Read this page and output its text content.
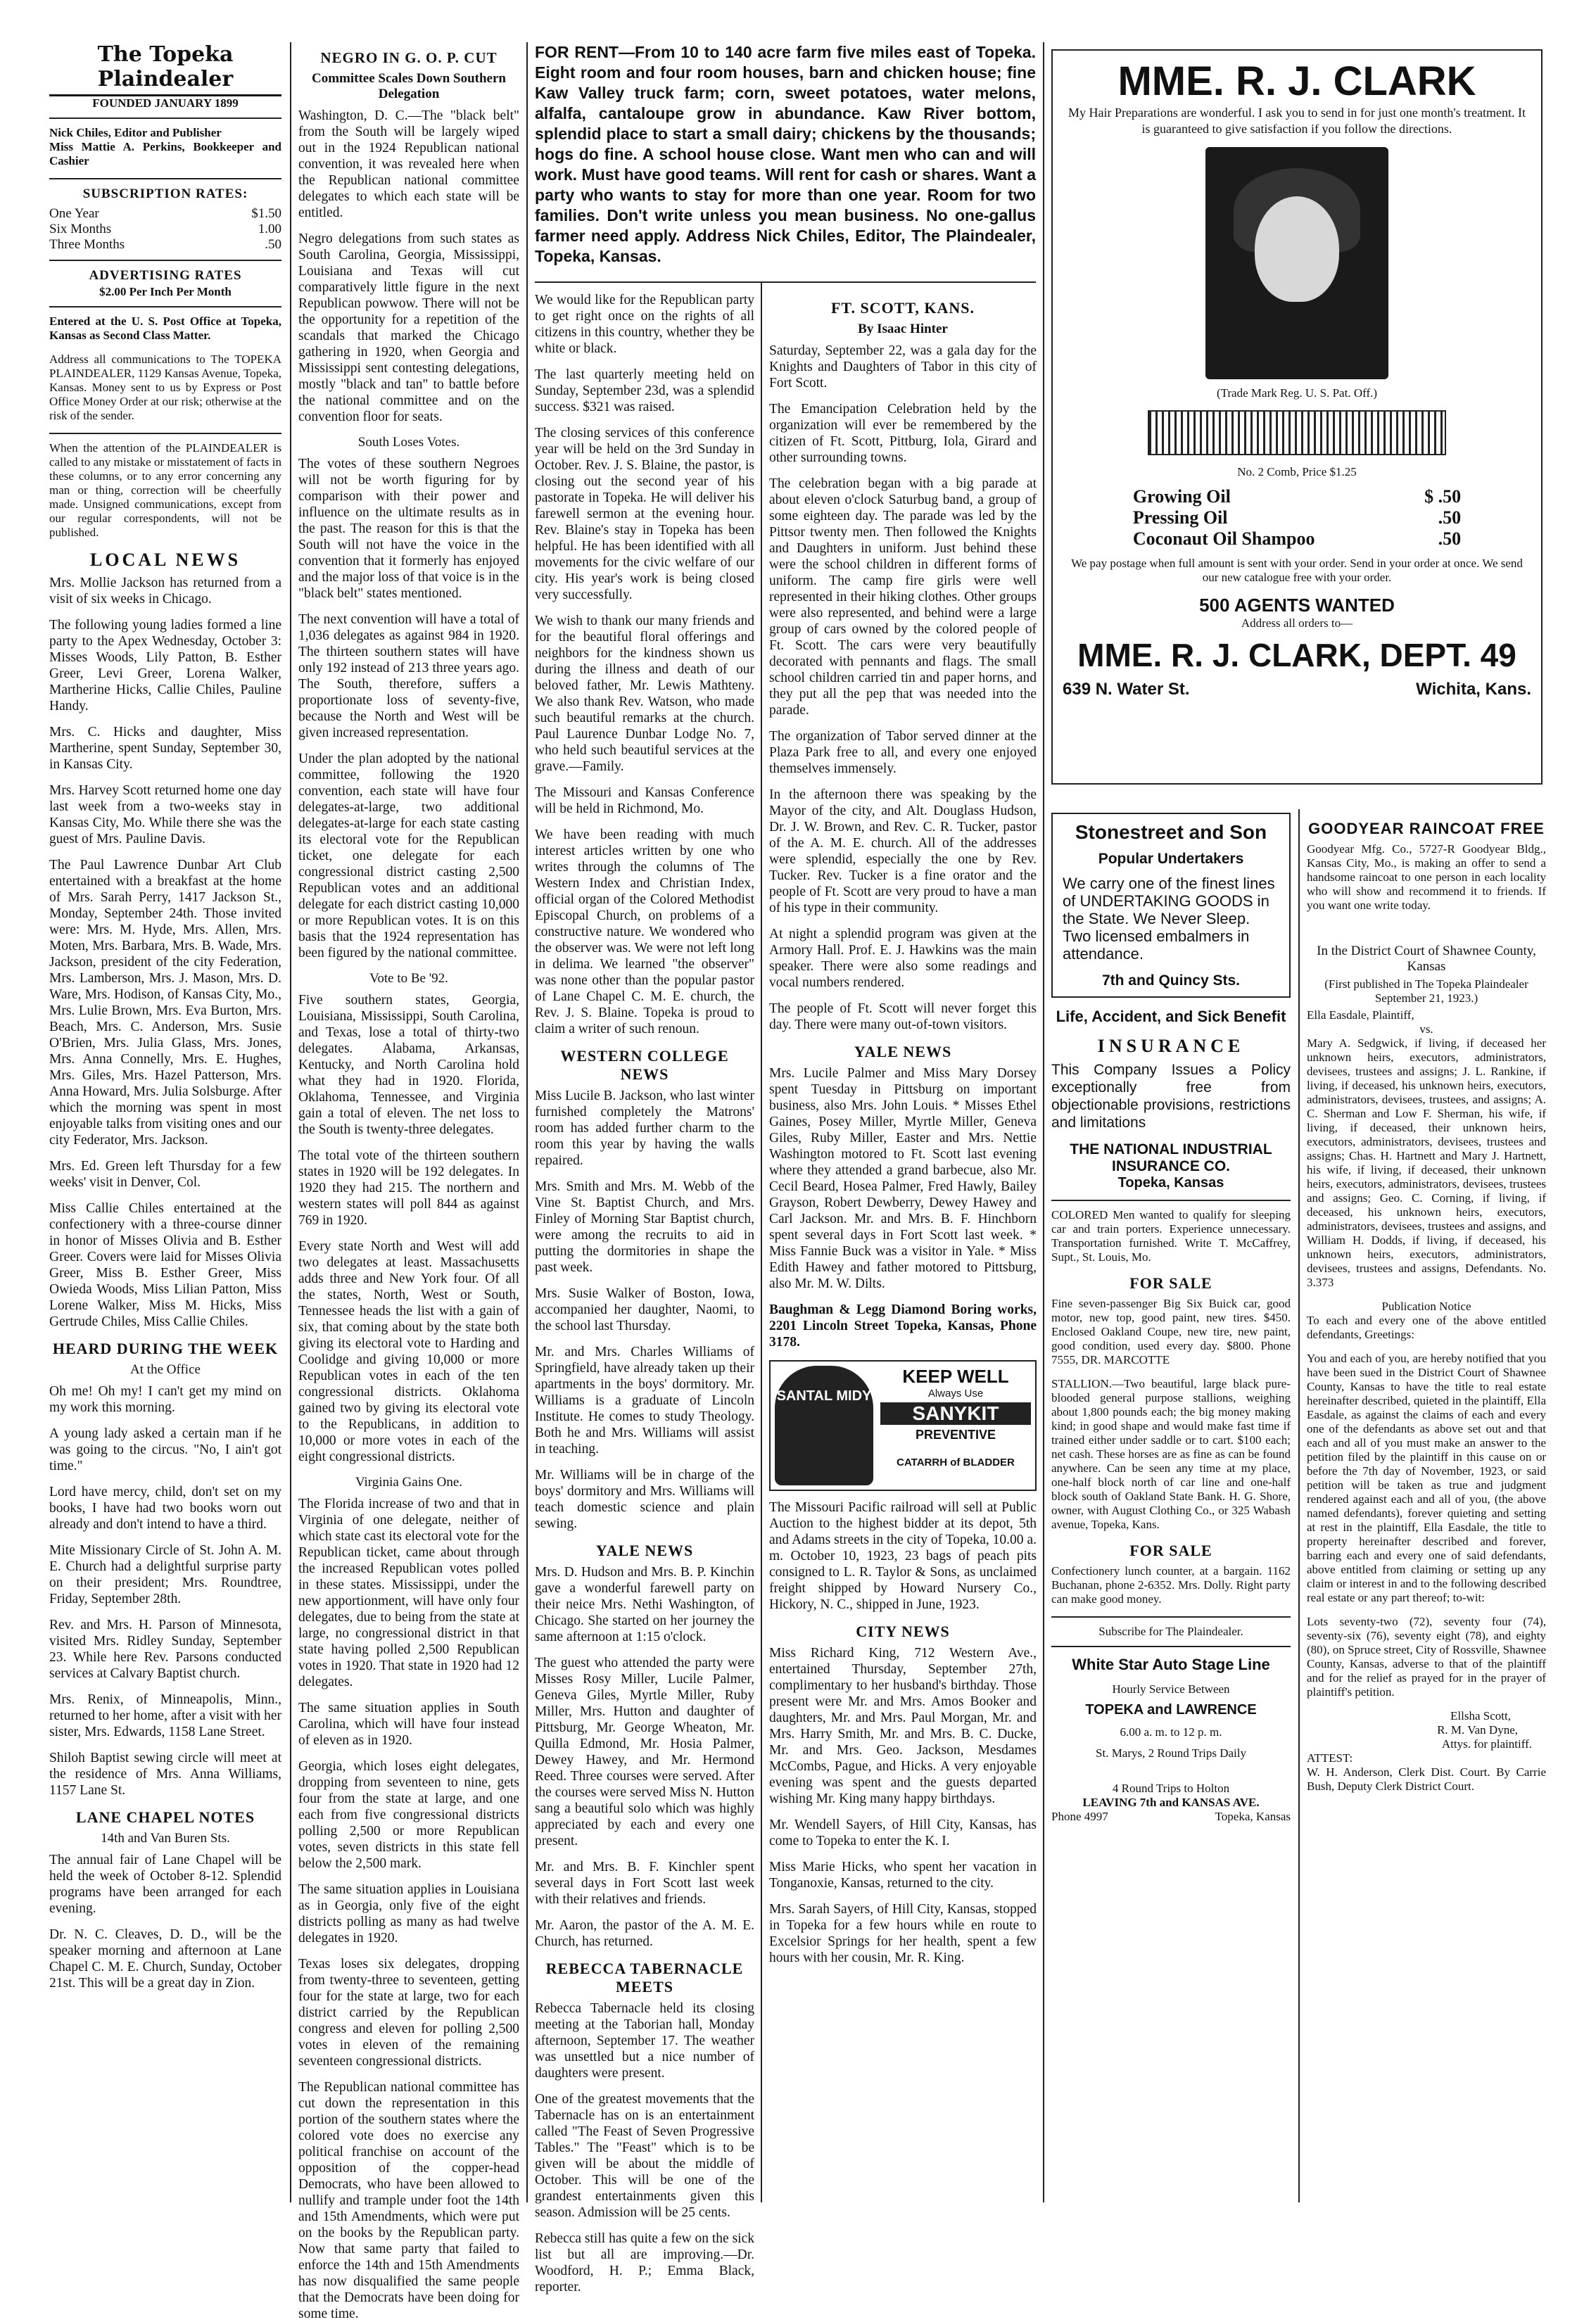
The Topeka Plaindealer
FOUNDED JANUARY 1899

Nick Chiles, Editor and Publisher

Miss Mattie A. Perkins, Bookkeeper and Cashier

SUBSCRIPTION RATES:
One Year	$1.50
Six Months	1.00
Three Months	.50
ADVERTISING RATES
$2.00 Per Inch Per Month

Entered at the U. S. Post Office at Topeka, Kansas as Second Class Matter.

Address all communications to The TOPEKA PLAINDEALER, 1129 Kansas Avenue, Topeka, Kansas. Money sent to us by Express or Post Office Money Order at our risk; otherwise at the risk of the sender.

When the attention of the PLAINDEALER is called to any mistake or misstatement of facts in these columns, or to any error concerning any man or thing, correction will be cheerfully made. Unsigned communications, except from our regular correspondents, will not be published.

LOCAL NEWS

Mrs. Mollie Jackson has returned from a visit of six weeks in Chicago.

The following young ladies formed a line party to the Apex Wednesday, October 3: Misses Woods, Lily Patton, B. Esther Greer, Levi Greer, Lorena Walker, Martherine Hicks, Callie Chiles, Pauline Handy.

Mrs. C. Hicks and daughter, Miss Martherine, spent Sunday, September 30, in Kansas City.

Mrs. Harvey Scott returned home one day last week from a two-weeks stay in Kansas City, Mo. While there she was the guest of Mrs. Pauline Davis.

The Paul Lawrence Dunbar Art Club entertained with a breakfast at the home of Mrs. Sarah Perry, 1417 Jackson St., Monday, September 24th. Those invited were: Mrs. M. Hyde, Mrs. Allen, Mrs. Moten, Mrs. Barbara, Mrs. B. Wade, Mrs. Jackson, president of the city Federation, Mrs. Lamberson, Mrs. J. Mason, Mrs. D. Ware, Mrs. Hodison, of Kansas City, Mo., Mrs. Lulie Brown, Mrs. Eva Burton, Mrs. Beach, Mrs. C. Anderson, Mrs. Susie O'Brien, Mrs. Julia Glass, Mrs. Jones, Mrs. Anna Connelly, Mrs. E. Hughes, Mrs. Giles, Mrs. Hazel Patterson, Mrs. Anna Howard, Mrs. Julia Solsburge. After which the morning was spent in most enjoyable talks from visiting ones and our city Federator, Mrs. Jackson.

Mrs. Ed. Green left Thursday for a few weeks' visit in Denver, Col.

Miss Callie Chiles entertained at the confectionery with a three-course dinner in honor of Misses Olivia and B. Esther Greer. Covers were laid for Misses Olivia Greer, Miss B. Esther Greer, Miss Owieda Woods, Miss Lilian Patton, Miss Lorene Walker, Miss M. Hicks, Miss Gertrude Chiles, Miss Callie Chiles.

HEARD DURING THE WEEK
At the Office

Oh me! Oh my! I can't get my mind on my work this morning.

A young lady asked a certain man if he was going to the circus. "No, I ain't got time."

Lord have mercy, child, don't set on my books, I have had two books worn out already and don't intend to have a third.

Mite Missionary Circle of St. John A. M. E. Church had a delightful surprise party on their president; Mrs. Roundtree, Friday, September 28th.

Rev. and Mrs. H. Parson of Minnesota, visited Mrs. Ridley Sunday, September 23. While here Rev. Parsons conducted services at Calvary Baptist church.

Mrs. Renix, of Minneapolis, Minn., returned to her home, after a visit with her sister, Mrs. Edwards, 1158 Lane Street.

Shiloh Baptist sewing circle will meet at the residence of Mrs. Anna Williams, 1157 Lane St.

LANE CHAPEL NOTES
14th and Van Buren Sts.

The annual fair of Lane Chapel will be held the week of October 8-12. Splendid programs have been arranged for each evening.

Dr. N. C. Cleaves, D. D., will be the speaker morning and afternoon at Lane Chapel C. M. E. Church, Sunday, October 21st. This will be a great day in Zion.

NEGRO IN G. O. P. CUT
Committee Scales Down Southern Delegation

Washington, D. C.—The "black belt" from the South will be largely wiped out in the 1924 Republican national convention, it was revealed here when the Republican national committee delegates to which each state will be entitled.

Negro delegations from such states as South Carolina, Georgia, Mississippi, Louisiana and Texas will cut comparatively little figure in the next Republican powwow. There will not be the opportunity for a repetition of the scandals that marked the Chicago gathering in 1920, when Georgia and Mississippi sent contesting delegations, mostly "black and tan" to battle before the national committee and on the convention floor for seats.

South Loses Votes.

The votes of these southern Negroes will not be worth figuring for by comparison with their power and influence on the ultimate results as in the past. The reason for this is that the South will not have the voice in the convention that it formerly has enjoyed and the major loss of that voice is in the "black belt" states mentioned.

The next convention will have a total of 1,036 delegates as against 984 in 1920. The thirteen southern states will have only 192 instead of 213 three years ago. The South, therefore, suffers a proportionate loss of seventy-five, because the North and West will be given increased representation.

Under the plan adopted by the national committee, following the 1920 convention, each state will have four delegates-at-large, two additional delegates-at-large for each state casting its electoral vote for the Republican ticket, one delegate for each congressional district casting 2,500 Republican votes and an additional delegate for each district casting 10,000 or more Republican votes. It is on this basis that the 1924 representation has been figured by the national committee.

Vote to Be '92.

Five southern states, Georgia, Louisiana, Mississippi, South Carolina, and Texas, lose a total of thirty-two delegates. Alabama, Arkansas, Kentucky, and North Carolina hold what they had in 1920. Florida, Oklahoma, Tennessee, and Virginia gain a total of eleven. The net loss to the South is twenty-three delegates.

The total vote of the thirteen southern states in 1920 will be 192 delegates. In 1920 they had 215. The northern and western states will poll 844 as against 769 in 1920.

Every state North and West will add two delegates at least. Massachusetts adds three and New York four. Of all the states, North, West or South, Tennessee heads the list with a gain of six, that coming about by the state both giving its electoral vote to Harding and Coolidge and giving 10,000 or more Republican votes in each of the ten congressional districts. Oklahoma gained two by giving its electoral vote to the Republicans, in addition to 10,000 or more votes in each of the eight congressional districts.

Virginia Gains One.

The Florida increase of two and that in Virginia of one delegate, neither of which state cast its electoral vote for the Republican ticket, came about through the increased Republican votes polled in these states. Mississippi, under the new apportionment, will have only four delegates, due to being from the state at large, no congressional district in that state having polled 2,500 Republican votes in 1920. That state in 1920 had 12 delegates.

The same situation applies in South Carolina, which will have four instead of eleven as in 1920.

Georgia, which loses eight delegates, dropping from seventeen to nine, gets four from the state at large, and one each from five congressional districts polling 2,500 or more Republican votes, seven districts in this state fell below the 2,500 mark.

The same situation applies in Louisiana as in Georgia, only five of the eight districts polling as many as had twelve delegates in 1920.

Texas loses six delegates, dropping from twenty-three to seventeen, getting four for the state at large, two for each district carried by the Republican congress and eleven for polling 2,500 votes in eleven of the remaining seventeen congressional districts.

The Republican national committee has cut down the representation in this portion of the southern states where the colored vote does no exercise any political franchise on account of the opposition of the copper-head Democrats, who have been allowed to nullify and trample under foot the 14th and 15th Amendments, which were put on the books by the Republican party. Now that same party that failed to enforce the 14th and 15th Amendments has now disqualified the same people that the Democrats have been doing for some time.

FOR RENT—From 10 to 140 acre farm five miles east of Topeka. Eight room and four room houses, barn and chicken house; fine Kaw Valley truck farm; corn, sweet potatoes, water melons, alfalfa, cantaloupe grow in abundance. Kaw River bottom, splendid place to start a small dairy; chickens by the thousands; hogs do fine. A school house close. Want men who can and will work. Must have good teams. Will rent for cash or shares. Want a party who wants to stay for more than one year. Room for two families. Don't write unless you mean business. No one-gallus farmer need apply. Address Nick Chiles, Editor, The Plaindealer, Topeka, Kansas.

We would like for the Republican party to get right once on the rights of all citizens in this country, whether they be white or black.

The last quarterly meeting held on Sunday, September 23d, was a splendid success. $321 was raised.

The closing services of this conference year will be held on the 3rd Sunday in October. Rev. J. S. Blaine, the pastor, is closing out the second year of his pastorate in Topeka. He will deliver his farewell sermon at the evening hour. Rev. Blaine's stay in Topeka has been helpful. He has been identified with all movements for the civic welfare of our city. His year's work is being closed very successfully.

We wish to thank our many friends and for the beautiful floral offerings and neighbors for the kindness shown us during the illness and death of our beloved father, Mr. Lewis Mathteny. We also thank Rev. Watson, who made such beautiful remarks at the church. Paul Laurence Dunbar Lodge No. 7, who held such beautiful services at the grave.—Family.

The Missouri and Kansas Conference will be held in Richmond, Mo.

We have been reading with much interest articles written by one who writes through the columns of The Western Index and Christian Index, official organ of the Colored Methodist Episcopal Church, on problems of a constructive nature. We wondered who the observer was. We were not left long in delima. We learned "the observer" was none other than the popular pastor of Lane Chapel C. M. E. church, the Rev. J. S. Blaine. Topeka is proud to claim a writer of such renoun.

WESTERN COLLEGE NEWS

Miss Lucile B. Jackson, who last winter furnished completely the Matrons' room has added further charm to the room this year by having the walls repaired.

Mrs. Smith and Mrs. M. Webb of the Vine St. Baptist Church, and Mrs. Finley of Morning Star Baptist church, were among the recruits to aid in putting the dormitories in shape the past week.

Mrs. Susie Walker of Boston, Iowa, accompanied her daughter, Naomi, to the school last Thursday.

Mr. and Mrs. Charles Williams of Springfield, have already taken up their apartments in the boys' dormitory. Mr. Williams is a graduate of Lincoln Institute. He comes to study Theology. Both he and Mrs. Williams will assist in teaching.

Mr. Williams will be in charge of the boys' dormitory and Mrs. Williams will teach domestic science and plain sewing.

YALE NEWS

Mrs. D. Hudson and Mrs. B. P. Kinchin gave a wonderful farewell party on their neice Mrs. Nethi Washington, of Chicago. She started on her journey the same afternoon at 1:15 o'clock.

The guest who attended the party were Misses Rosy Miller, Lucile Palmer, Geneva Giles, Myrtle Miller, Ruby Miller, Mrs. Hutton and daughter of Pittsburg, Mr. George Wheaton, Mr. Quilla Edmond, Mr. Hosia Palmer, Dewey Hawey, and Mr. Hermond Reed. Three courses were served. After the courses were served Miss N. Hutton sang a beautiful solo which was highly appreciated by each and every one present.

Mr. and Mrs. B. F. Kinchler spent several days in Fort Scott last week with their relatives and friends.

Mr. Aaron, the pastor of the A. M. E. Church, has returned.

REBECCA TABERNACLE MEETS

Rebecca Tabernacle held its closing meeting at the Taborian hall, Monday afternoon, September 17. The weather was unsettled but a nice number of daughters were present.

One of the greatest movements that the Tabernacle has on is an entertainment called "The Feast of Seven Progressive Tables." The "Feast" which is to be given will be about the middle of October. This will be one of the grandest entertainments given this season. Admission will be 25 cents.

Rebecca still has quite a few on the sick list but all are improving.—Dr. Woodford, H. P.; Emma Black, reporter.

FT. SCOTT, KANS.
By Isaac Hinter

Saturday, September 22, was a gala day for the Knights and Daughters of Tabor in this city of Fort Scott.

The Emancipation Celebration held by the organization will ever be remembered by the citizen of Ft. Scott, Pittburg, Iola, Girard and other surrounding towns.

The celebration began with a big parade at about eleven o'clock Saturbug band, a group of some eighteen day. The parade was led by the Pittsor twenty men. Then followed the Knights and Daughters in uniform. Just behind these were the school children in different forms of uniform. The camp fire girls were well represented in their hiking clothes. Other groups were also represented, and behind were a large group of cars owned by the colored people of Ft. Scott. The cars were very beautifully decorated with pennants and flags. The small school children carried tin and paper horns, and they put all the pep that was needed into the parade.

The organization of Tabor served dinner at the Plaza Park free to all, and every one enjoyed themselves immensely.

In the afternoon there was speaking by the Mayor of the city, and Alt. Douglass Hudson, Dr. J. W. Brown, and Rev. C. R. Tucker, pastor of the A. M. E. church. All of the addresses were splendid, especially the one by Rev. Tucker. Rev. Tucker is a fine orator and the people of Ft. Scott are very proud to have a man of his type in their community.

At night a splendid program was given at the Armory Hall. Prof. E. J. Hawkins was the main speaker. There were also some readings and vocal numbers rendered.

The people of Ft. Scott will never forget this day. There were many out-of-town visitors.

YALE NEWS

Mrs. Lucile Palmer and Miss Mary Dorsey spent Tuesday in Pittsburg on important business, also Mrs. John Louis. * Misses Ethel Gaines, Posey Miller, Myrtle Miller, Geneva Giles, Ruby Miller, Easter and Mrs. Nettie Washington motored to Ft. Scott last evening where they attended a grand barbecue, also Mr. Cecil Beard, Hosea Palmer, Fred Hawly, Bailey Grayson, Robert Dewberry, Dewey Hawey and Carl Jackson. Mr. and Mrs. B. F. Hinchborn spent several days in Fort Scott last week. * Miss Fannie Buck was a visitor in Yale. * Miss Edith Hawey and father motored to Pittsburg, also Mr. M. W. Dilts.

Baughman & Legg Diamond Boring works, 2201 Lincoln Street Topeka, Kansas, Phone 3178.

SANTAL MIDY
KEEP WELL
Always Use
SANYKIT
PREVENTIVE
CATARRH of BLADDER

The Missouri Pacific railroad will sell at Public Auction to the highest bidder at its depot, 5th and Adams streets in the city of Topeka, 10.00 a. m. October 10, 1923, 23 bags of peach pits consigned to L. R. Taylor & Sons, as unclaimed freight shipped by Howard Nursery Co., Hickory, N. C., shipped in June, 1923.

CITY NEWS

Miss Richard King, 712 Western Ave., entertained Thursday, September 27th, complimentary to her husband's birthday. Those present were Mr. and Mrs. Amos Booker and daughters, Mr. and Mrs. Paul Morgan, Mr. and Mrs. Harry Smith, Mr. and Mrs. B. C. Ducke, Mr. and Mrs. Geo. Jackson, Mesdames McCombs, Pague, and Hicks. A very enjoyable evening was spent and the guests departed wishing Mr. King many happy birthdays.

Mr. Wendell Sayers, of Hill City, Kansas, has come to Topeka to enter the K. I.

Miss Marie Hicks, who spent her vacation in Tonganoxie, Kansas, returned to the city.

Mrs. Sarah Sayers, of Hill City, Kansas, stopped in Topeka for a few hours while en route to Excelsior Springs for her health, spent a few hours with her cousin, Mr. R. King.

MME. R. J. CLARK

My Hair Preparations are wonderful. I ask you to send in for just one month's treatment. It is guaranteed to give satisfaction if you follow the directions.

(Trade Mark Reg. U. S. Pat. Off.)
No. 2 Comb, Price $1.25
Growing Oil	$ .50
Pressing Oil	.50
Coconaut Oil Shampoo	.50

We pay postage when full amount is sent with your order. Send in your order at once. We send our new catalogue free with your order.

500 AGENTS WANTED
Address all orders to—
MME. R. J. CLARK, DEPT. 49
639 N. Water St.	Wichita, Kans.
Stonestreet and Son
Popular Undertakers

We carry one of the finest lines of UNDERTAKING GOODS in the State. We Never Sleep. Two licensed embalmers in attendance.

7th and Quincy Sts.
Life, Accident, and Sick Benefit
INSURANCE

This Company Issues a Policy exceptionally free from objectionable provisions, restrictions and limitations

THE NATIONAL INDUSTRIAL INSURANCE CO.
Topeka, Kansas

COLORED Men wanted to qualify for sleeping car and train porters. Experience unnecessary. Transportation furnished. Write T. McCaffrey, Supt., St. Louis, Mo.

FOR SALE

Fine seven-passenger Big Six Buick car, good motor, new top, good paint, new tires. $450. Enclosed Oakland Coupe, new tire, new paint, good condition, used every day. $800. Phone 7555, DR. MARCOTTE

STALLION.—Two beautiful, large black pure-blooded general purpose stallions, weighing about 1,800 pounds each; the big money making kind; in good shape and would make fast time if trained either under saddle or to cart. $100 each; net cash. These horses are as fine as can be found anywhere. Can be seen any time at my place, one-half block north of car line and one-half block south of Oakland State Bank. H. G. Shore, owner, with August Clothing Co., or 325 Wabash avenue, Topeka, Kans.

FOR SALE

Confectionery lunch counter, at a bargain. 1162 Buchanan, phone 2-6352. Mrs. Dolly. Right party can make good money.

Subscribe for The Plaindealer.
White Star Auto Stage Line
Hourly Service Between
TOPEKA and LAWRENCE
6.00 a. m. to 12 p. m.
St. Marys, 2 Round Trips Daily
4 Round Trips to Holton
LEAVING 7th and KANSAS AVE.
Phone 4997	Topeka, Kansas
GOODYEAR RAINCOAT FREE

Goodyear Mfg. Co., 5727-R Goodyear Bldg., Kansas City, Mo., is making an offer to send a handsome raincoat to one person in each locality who will show and recommend it to friends. If you want one write today.

In the District Court of Shawnee County, Kansas
(First published in The Topeka Plaindealer September 21, 1923.)
Ella Easdale, Plaintiff,
vs.

Mary A. Sedgwick, if living, if deceased her unknown heirs, executors, administrators, devisees, trustees and assigns; J. L. Rankine, if living, if deceased, his unknown heirs, executors, administrators, devisees, trustees, and assigns; A. C. Sherman and Low F. Sherman, his wife, if living, if deceased, their unknown heirs, executors, administrators, devisees, trustees and assigns; Chas. H. Hartnett and Mary J. Hartnett, his wife, if living, if deceased, their unknown heirs, executors, administrators, devisees, trustees and assigns; Geo. C. Corning, if living, if deceased, his unknown heirs, executors, administrators, devisees, trustees and assigns, and William H. Dodds, if living, if deceased, his unknown heirs, executors, administrators, devisees, trustees and assigns, Defendants. No. 3.373

Publication Notice

To each and every one of the above entitled defendants, Greetings:

You and each of you, are hereby notified that you have been sued in the District Court of Shawnee County, Kansas to have the title to real estate hereinafter described, quieted in the plaintiff, Ella Easdale, as against the claims of each and every one of the defendants as above set out and that each and all of you must make an answer to the petition filed by the plaintiff in this cause on or before the 7th day of November, 1923, or said petition will be taken as true and judgment rendered against each and all of you, (the above named defendants), forever quieting and setting at rest in the plaintiff, Ella Easdale, the title to property hereinafter described and forever, barring each and every one of said defendants, above entitled from claiming or setting up any claim or interest in and to the following described real estate or any part thereof; to-wit:

Lots seventy-two (72), seventy four (74), seventy-six (76), seventy eight (78), and eighty (80), on Spruce street, City of Rossville, Shawnee County, Kansas, adverse to that of the plaintiff and for the relief as prayed for in the prayer of plaintiff's petition.

Ellsha Scott,
R. M. Van Dyne,
Attys. for plaintiff.
ATTEST:

W. H. Anderson, Clerk Dist. Court. By Carrie Bush, Deputy Clerk District Court.
